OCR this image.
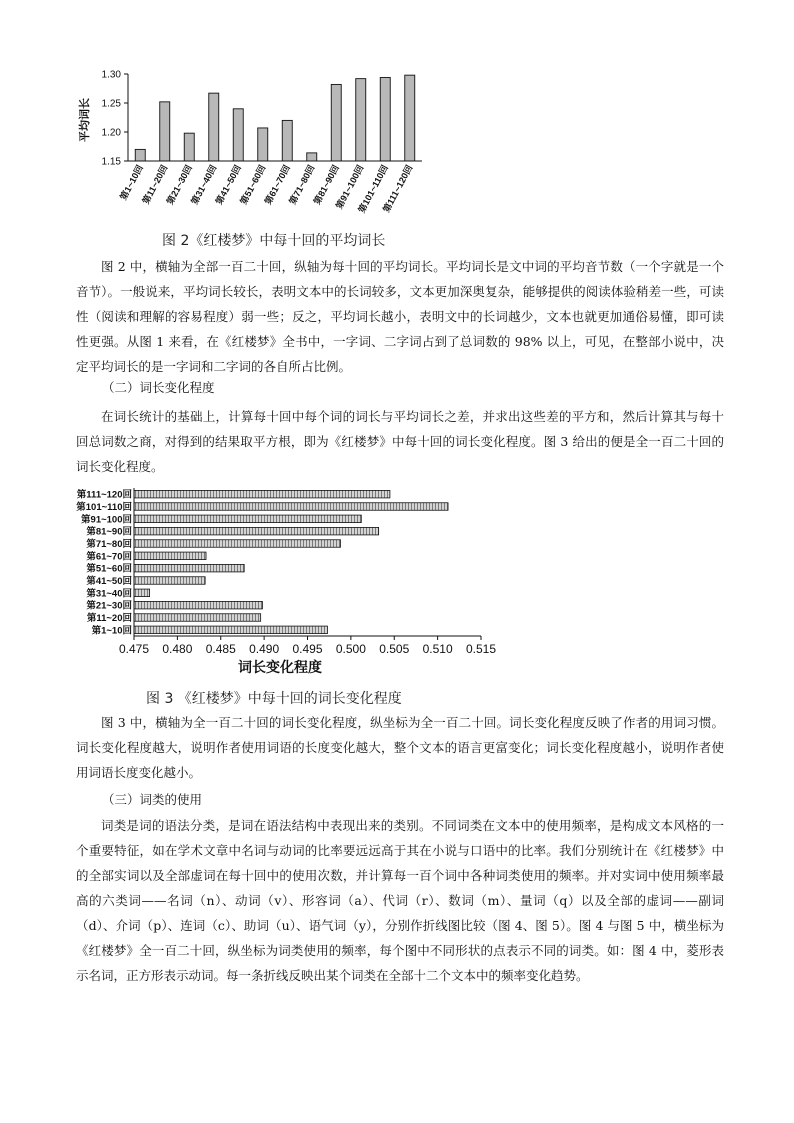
1.15
1.20
1.25
1.30
第1~10回
第11~20回
第21~30回
第31~40回
第41~50回
第51~60回
第61~70回
第71~80回
第81~90回
第91~100回
第101~110回
第111~120回
平均词长
图 2《红楼梦》中每十回的平均词长

图 2 中，横轴为全部一百二十回，纵轴为每十回的平均词长。平均词长是文中词的平均音节数（一个字就是一个音节）。一般说来，平均词长较长，表明文本中的长词较多，文本更加深奥复杂，能够提供的阅读体验稍差一些，可读性（阅读和理解的容易程度）弱一些；反之，平均词长越小，表明文中的长词越少，文本也就更加通俗易懂，即可读性更强。从图 1 来看，在《红楼梦》全书中，一字词、二字词占到了总词数的 98% 以上，可见，在整部小说中，决定平均词长的是一字词和二字词的各自所占比例。

（二）词长变化程度

在词长统计的基础上，计算每十回中每个词的词长与平均词长之差，并求出这些差的平方和，然后计算其与每十回总词数之商，对得到的结果取平方根，即为《红楼梦》中每十回的词长变化程度。图 3 给出的便是全一百二十回的词长变化程度。

第111~120回
第101~110回
第91~100回
第81~90回
第71~80回
第61~70回
第51~60回
第41~50回
第31~40回
第21~30回
第11~20回
第1~10回
0.475 0.480 0.485 0.490 0.495 0.500 0.505 0.510 0.515
词长变化程度
图 3 《红楼梦》中每十回的词长变化程度

图 3 中，横轴为全一百二十回的词长变化程度，纵坐标为全一百二十回。词长变化程度反映了作者的用词习惯。词长变化程度越大，说明作者使用词语的长度变化越大，整个文本的语言更富变化；词长变化程度越小，说明作者使用词语长度变化越小。

（三）词类的使用

词类是词的语法分类，是词在语法结构中表现出来的类别。不同词类在文本中的使用频率，是构成文本风格的一个重要特征，如在学术文章中名词与动词的比率要远远高于其在小说与口语中的比率。我们分别统计在《红楼梦》中的全部实词以及全部虚词在每十回中的使用次数，并计算每一百个词中各种词类使用的频率。并对实词中使用频率最高的六类词——名词（n）、动词（v）、形容词（a）、代词（r）、数词（m）、量词（q）以及全部的虚词——副词（d）、介词（p）、连词（c）、助词（u）、语气词（y），分别作折线图比较（图 4、图 5）。图 4 与图 5 中，横坐标为《红楼梦》全一百二十回，纵坐标为词类使用的频率，每个图中不同形状的点表示不同的词类。如：图 4 中，菱形表示名词，正方形表示动词。每一条折线反映出某个词类在全部十二个文本中的频率变化趋势。
